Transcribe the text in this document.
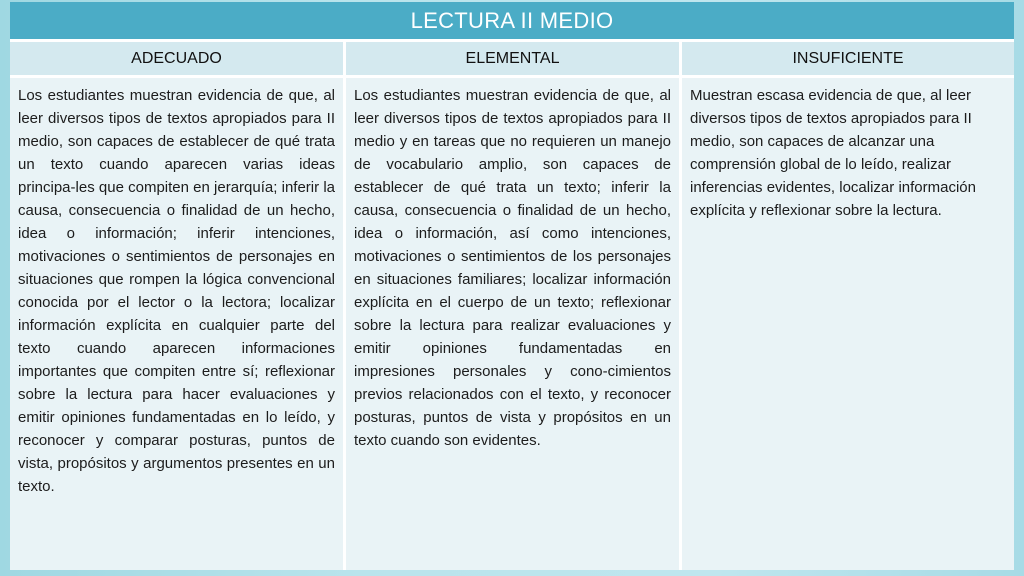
LECTURA II MEDIO
ADECUADO	ELEMENTAL	INSUFICIENTE
Los estudiantes muestran evidencia de que, al leer diversos tipos de textos apropiados para II medio, son capaces de establecer de qué trata un texto cuando aparecen varias ideas principa-les que compiten en jerarquía; inferir la causa, consecuencia o finalidad de un hecho, idea o información; inferir intenciones, motivaciones o sentimientos de personajes en situaciones que rompen la lógica convencional conocida por el lector o la lectora; localizar información explícita en cualquier parte del texto cuando aparecen informaciones importantes que compiten entre sí; reflexionar sobre la lectura para hacer evaluaciones y emitir opiniones fundamentadas en lo leído, y reconocer y comparar posturas, puntos de vista, propósitos y argumentos presentes en un texto.
Los estudiantes muestran evidencia de que, al leer diversos tipos de textos apropiados para II medio y en tareas que no requieren un manejo de vocabulario amplio, son capaces de establecer de qué trata un texto; inferir la causa, consecuencia o finalidad de un hecho, idea o información, así como intenciones, motivaciones o sentimientos de los personajes en situaciones familiares; localizar información explícita en el cuerpo de un texto; reflexionar sobre la lectura para realizar evaluaciones y emitir opiniones fundamentadas en impresiones personales y cono-cimientos previos relacionados con el texto, y reconocer posturas, puntos de vista y propósitos en un texto cuando son evidentes.
Muestran escasa evidencia de que, al leer diversos tipos de textos apropiados para II medio, son capaces de alcanzar una comprensión global de lo leído, realizar inferencias evidentes, localizar información explícita y reflexionar sobre la lectura.
